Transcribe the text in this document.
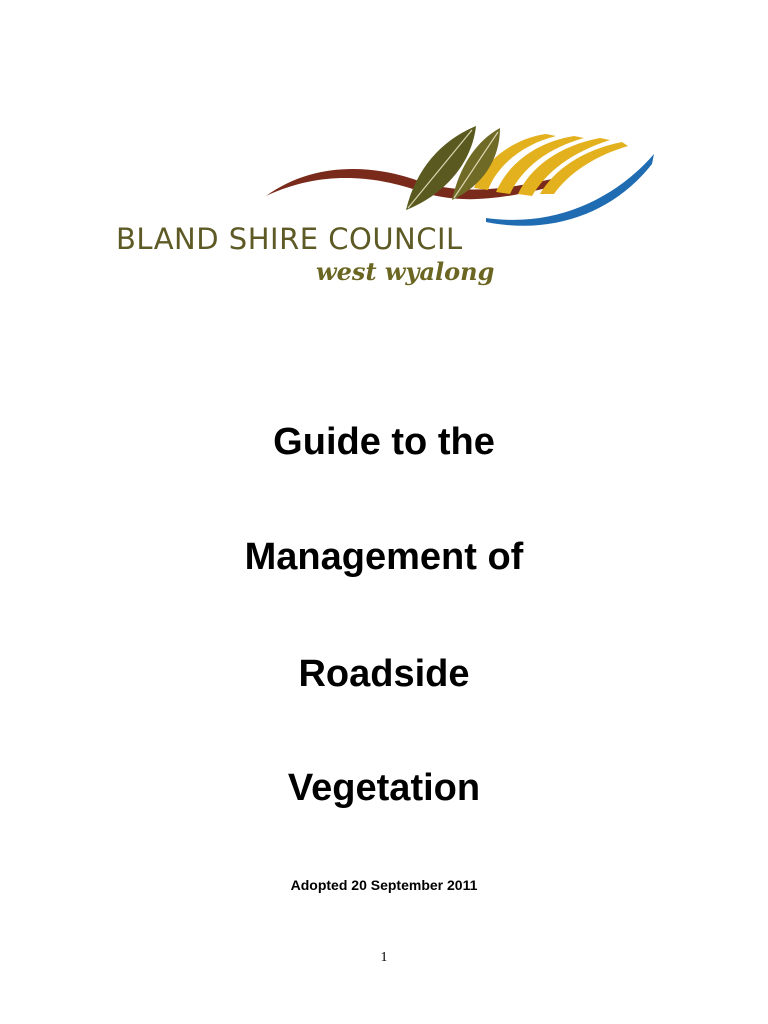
BLAND SHIRE COUNCIL
west wyalong
Guide to the
Management of
Roadside
Vegetation
Adopted 20 September 2011
1
